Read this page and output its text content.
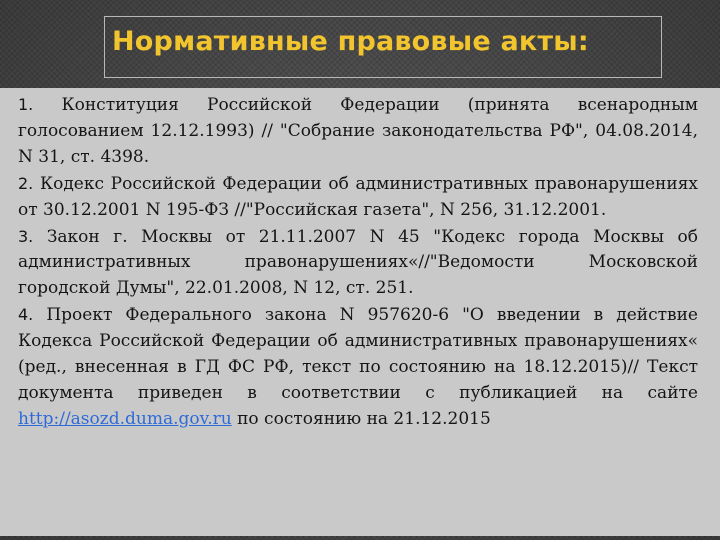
Нормативные правовые акты:
1. Конституция Российской Федерации (принята всенародным голосованием 12.12.1993) // "Собрание законодательства РФ", 04.08.2014, N 31, ст. 4398.
2. Кодекс Российской Федерации об административных правонарушениях от 30.12.2001 N 195-ФЗ //"Российская газета", N 256, 31.12.2001.
3. Закон г. Москвы от 21.11.2007 N 45 "Кодекс города Москвы об административных правонарушениях«//"Ведомости Московской городской Думы", 22.01.2008, N 12, ст. 251.
4. Проект Федерального закона N 957620-6 "О введении в действие Кодекса Российской Федерации об административных правонарушениях« (ред., внесенная в ГД ФС РФ, текст по состоянию на 18.12.2015)// Текст документа приведен в соответствии с публикацией на сайте http://asozd.duma.gov.ru по состоянию на 21.12.2015
